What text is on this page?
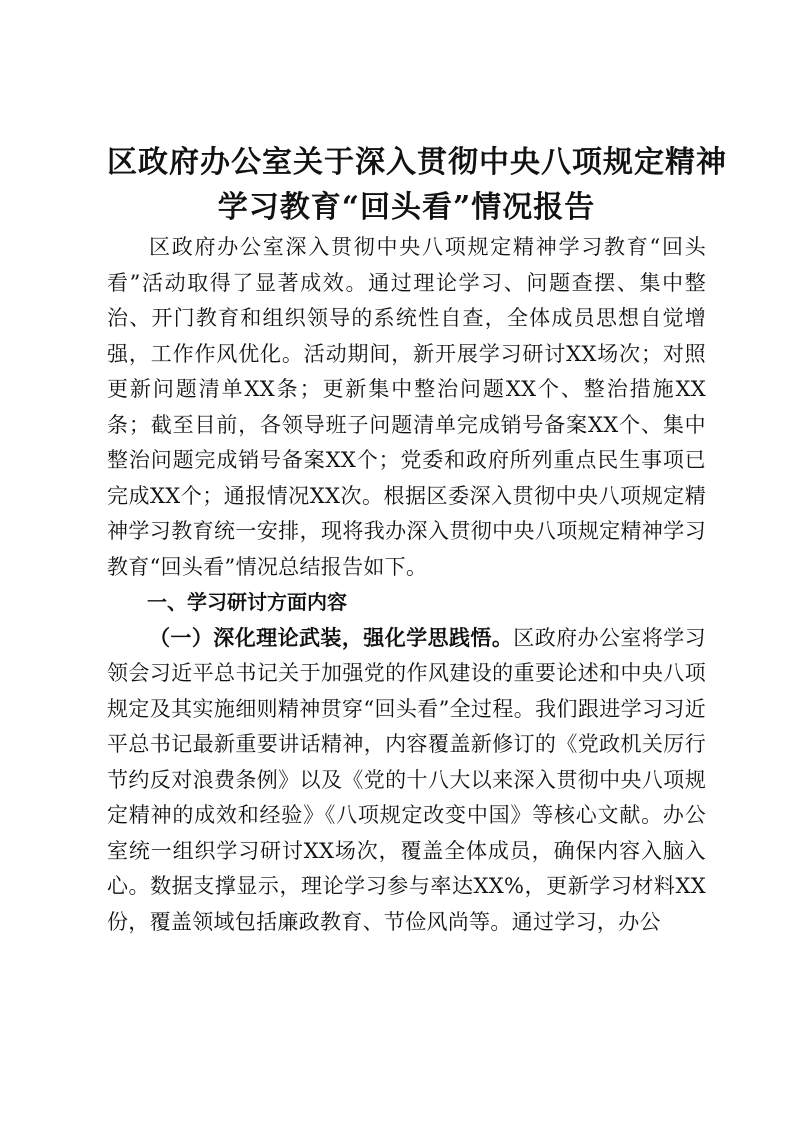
区政府办公室关于深入贯彻中央八项规定精神
学习教育“回头看”情况报告

区政府办公室深入贯彻中央八项规定精神学习教育“回头看”活动取得了显著成效。通过理论学习、问题查摆、集中整治、开门教育和组织领导的系统性自查，全体成员思想自觉增强，工作作风优化。活动期间，新开展学习研讨XX场次；对照更新问题清单XX条；更新集中整治问题XX个、整治措施XX条；截至目前，各领导班子问题清单完成销号备案XX个、集中整治问题完成销号备案XX个；党委和政府所列重点民生事项已完成XX个；通报情况XX次。根据区委深入贯彻中央八项规定精神学习教育统一安排，现将我办深入贯彻中央八项规定精神学习教育“回头看”情况总结报告如下。

一、学习研讨方面内容

（一）深化理论武装，强化学思践悟。区政府办公室将学习领会习近平总书记关于加强党的作风建设的重要论述和中央八项规定及其实施细则精神贯穿“回头看”全过程。我们跟进学习习近平总书记最新重要讲话精神，内容覆盖新修订的《党政机关厉行节约反对浪费条例》以及《党的十八大以来深入贯彻中央八项规定精神的成效和经验》《八项规定改变中国》等核心文献。办公室统一组织学习研讨XX场次，覆盖全体成员，确保内容入脑入心。数据支撑显示，理论学习参与率达XX%，更新学习材料XX份，覆盖领域包括廉政教育、节俭风尚等。通过学习，办公
